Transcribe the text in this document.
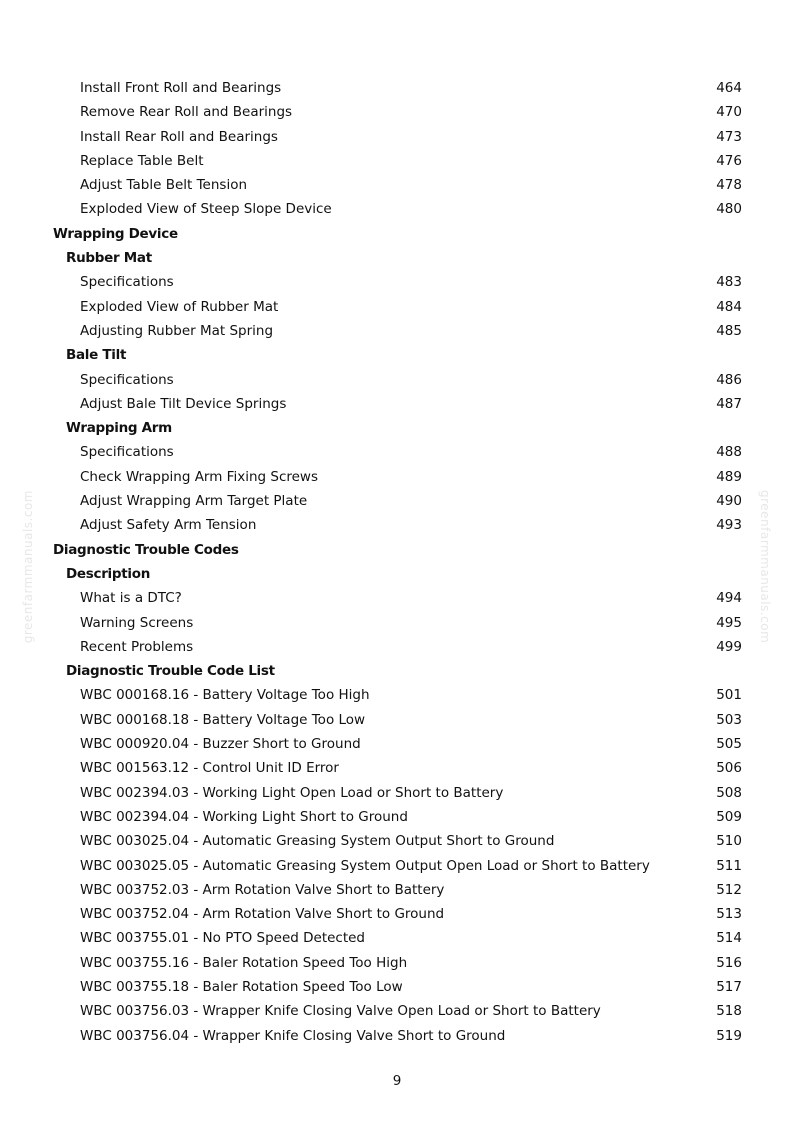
Install Front Roll and Bearings	464
Remove Rear Roll and Bearings	470
Install Rear Roll and Bearings	473
Replace Table Belt	476
Adjust Table Belt Tension	478
Exploded View of Steep Slope Device	480
Wrapping Device
Rubber Mat
Specifications	483
Exploded View of Rubber Mat	484
Adjusting Rubber Mat Spring	485
Bale Tilt
Specifications	486
Adjust Bale Tilt Device Springs	487
Wrapping Arm
Specifications	488
Check Wrapping Arm Fixing Screws	489
Adjust Wrapping Arm Target Plate	490
Adjust Safety Arm Tension	493
Diagnostic Trouble Codes
Description
What is a DTC?	494
Warning Screens	495
Recent Problems	499
Diagnostic Trouble Code List
WBC 000168.16 - Battery Voltage Too High	501
WBC 000168.18 - Battery Voltage Too Low	503
WBC 000920.04 - Buzzer Short to Ground	505
WBC 001563.12 - Control Unit ID Error	506
WBC 002394.03 - Working Light Open Load or Short to Battery	508
WBC 002394.04 - Working Light Short to Ground	509
WBC 003025.04 - Automatic Greasing System Output Short to Ground	510
WBC 003025.05 - Automatic Greasing System Output Open Load or Short to Battery	511
WBC 003752.03 - Arm Rotation Valve Short to Battery	512
WBC 003752.04 - Arm Rotation Valve Short to Ground	513
WBC 003755.01 - No PTO Speed Detected	514
WBC 003755.16 - Baler Rotation Speed Too High	516
WBC 003755.18 - Baler Rotation Speed Too Low	517
WBC 003756.03 - Wrapper Knife Closing Valve Open Load or Short to Battery	518
WBC 003756.04 - Wrapper Knife Closing Valve Short to Ground	519
greenfarmmanuals.com	greenfarmmanuals.com
9
